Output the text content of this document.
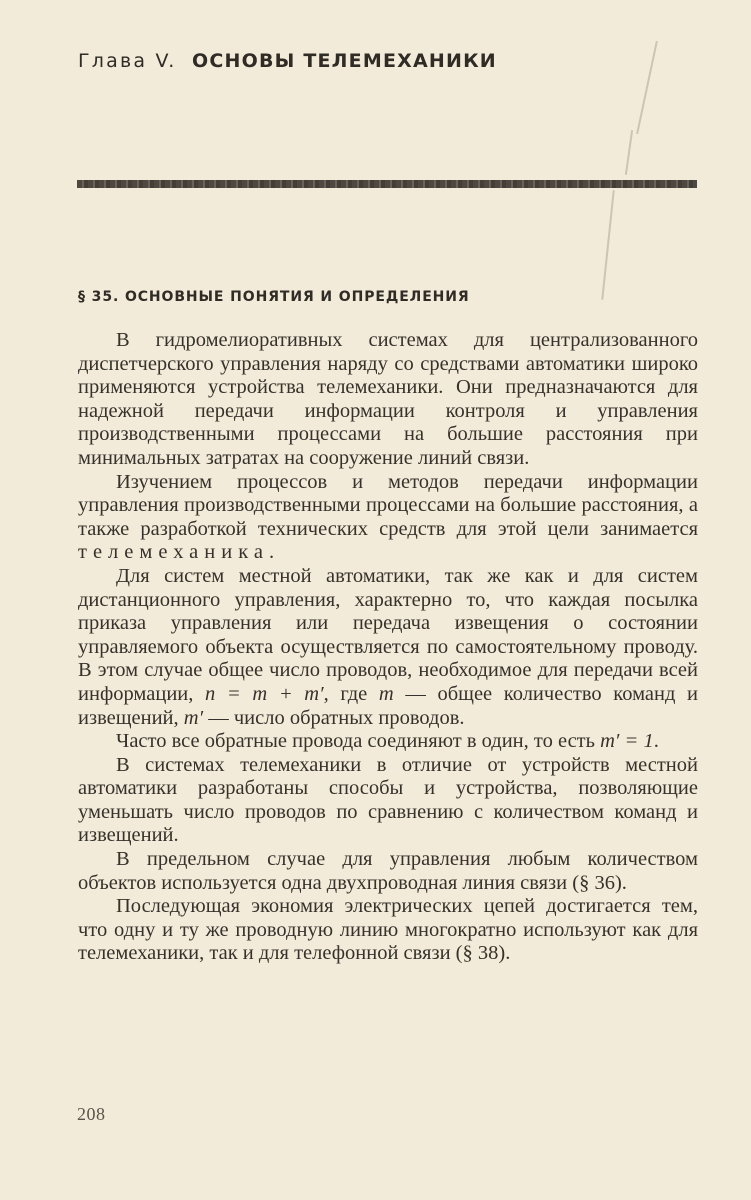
Глава V. ОСНОВЫ ТЕЛЕМЕХАНИКИ
§ 35. ОСНОВНЫЕ ПОНЯТИЯ И ОПРЕДЕЛЕНИЯ

В гидромелиоративных системах для централизованного диспетчерского управления наряду со средствами автоматики широко применяются устройства телемеханики. Они предназначаются для надежной передачи информации контроля и управления производственными процессами на большие расстояния при минимальных затратах на сооружение линий связи.

Изучением процессов и методов передачи информации управления производственными процессами на большие расстояния, а также разработкой технических средств для этой цели занимается телемеханика.

Для систем местной автоматики, так же как и для систем дистанционного управления, характерно то, что каждая посылка приказа управления или передача извещения о состоянии управляемого объекта осуществляется по самостоятельному проводу. В этом случае общее число проводов, необходимое для передачи всей информации, n = m + m′, где m — общее количество команд и извещений, m′ — число обратных проводов.

Часто все обратные провода соединяют в один, то есть m′ = 1.

В системах телемеханики в отличие от устройств местной автоматики разработаны способы и устройства, позволяющие уменьшать число проводов по сравнению с количеством команд и извещений.

В предельном случае для управления любым количеством объектов используется одна двухпроводная линия связи (§ 36).

Последующая экономия электрических цепей достигается тем, что одну и ту же проводную линию многократно используют как для телемеханики, так и для телефонной связи (§ 38).

208
